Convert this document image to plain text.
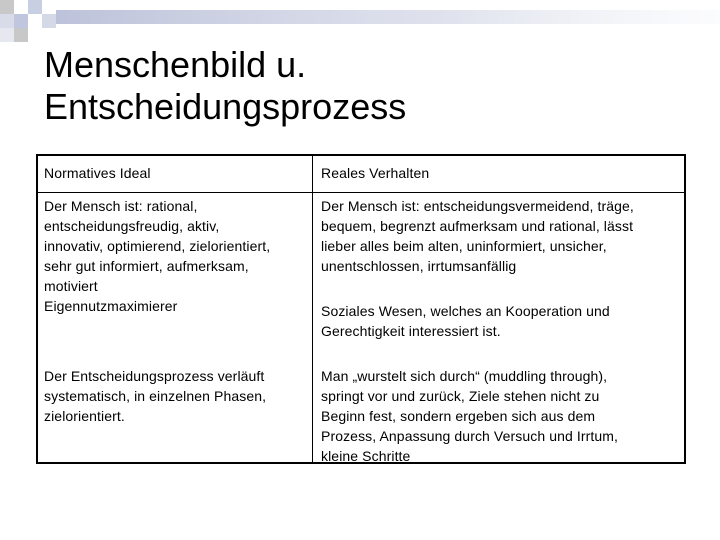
Menschenbild u.
Entscheidungsprozess
Normatives Ideal	Reales Verhalten
Der Mensch ist: rational,
entscheidungsfreudig, aktiv,
innovativ, optimierend, zielorientiert,
sehr gut informiert, aufmerksam,
motiviert
Eigennutzmaximierer
Der Mensch ist: entscheidungsvermeidend, träge,
bequem, begrenzt aufmerksam und rational, lässt
lieber alles beim alten, uninformiert, unsicher,
unentschlossen, irrtumsanfällig
Soziales Wesen, welches an Kooperation und
Gerechtigkeit interessiert ist.
Der Entscheidungsprozess verläuft
systematisch, in einzelnen Phasen,
zielorientiert.
Man „wurstelt sich durch“ (muddling through),
springt vor und zurück, Ziele stehen nicht zu
Beginn fest, sondern ergeben sich aus dem
Prozess, Anpassung durch Versuch und Irrtum,
kleine Schritte
